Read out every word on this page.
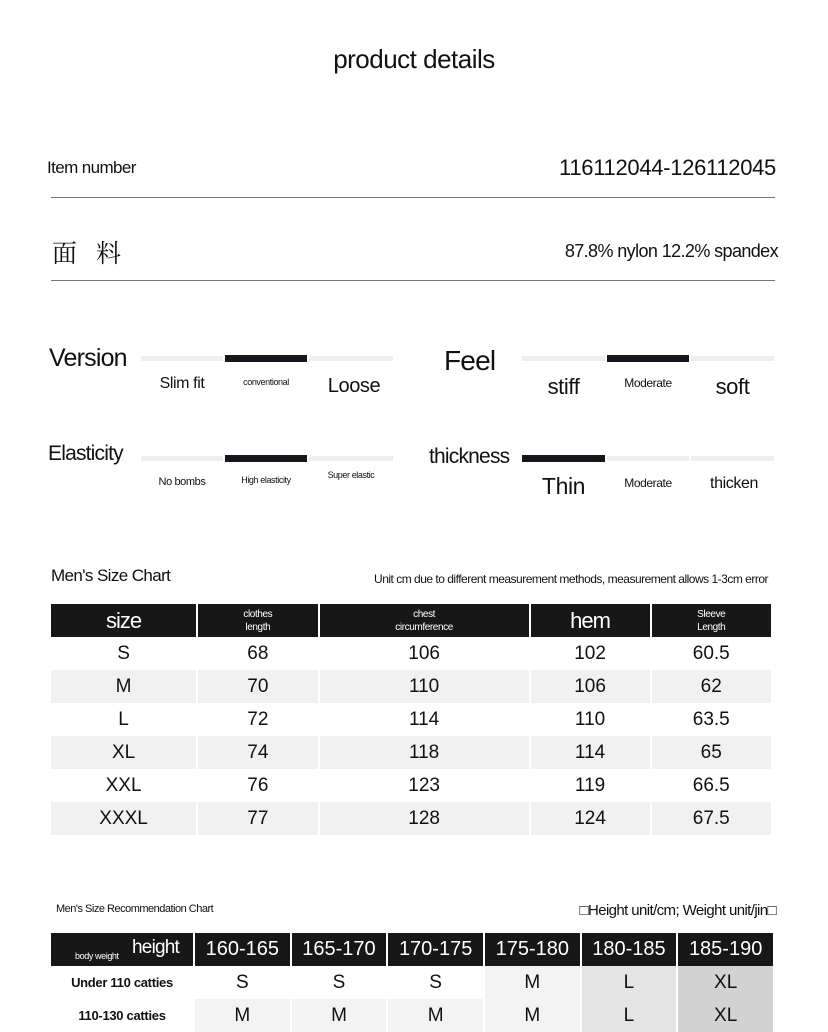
product details
Item number	116112044-126112045
面 料	87.8% nylon 12.2% spandex
Version
Slim fit	conventional	Loose
Feel
stiff	Moderate	soft
Elasticity
No bombs	High elasticity	Super elastic
thickness
Thin	Moderate	thicken
Men's Size Chart	Unit cm due to different measurement methods, measurement allows 1-3cm error
size	clothes length	chest circumference	hem	Sleeve Length

S	68	106	102	60.5
M	70	110	106	62
L	72	114	110	63.5
XL	74	118	114	65
XXL	76	123	119	66.5
XXXL	77	128	124	67.5
Men's Size Recommendation Chart	□Height unit/cm; Weight unit/jin□
body weight height	160-165	165-170	170-175	175-180	180-185	185-190
Under 110 catties	S	S	S	M	L	XL
110-130 catties	M	M	M	M	L	XL
